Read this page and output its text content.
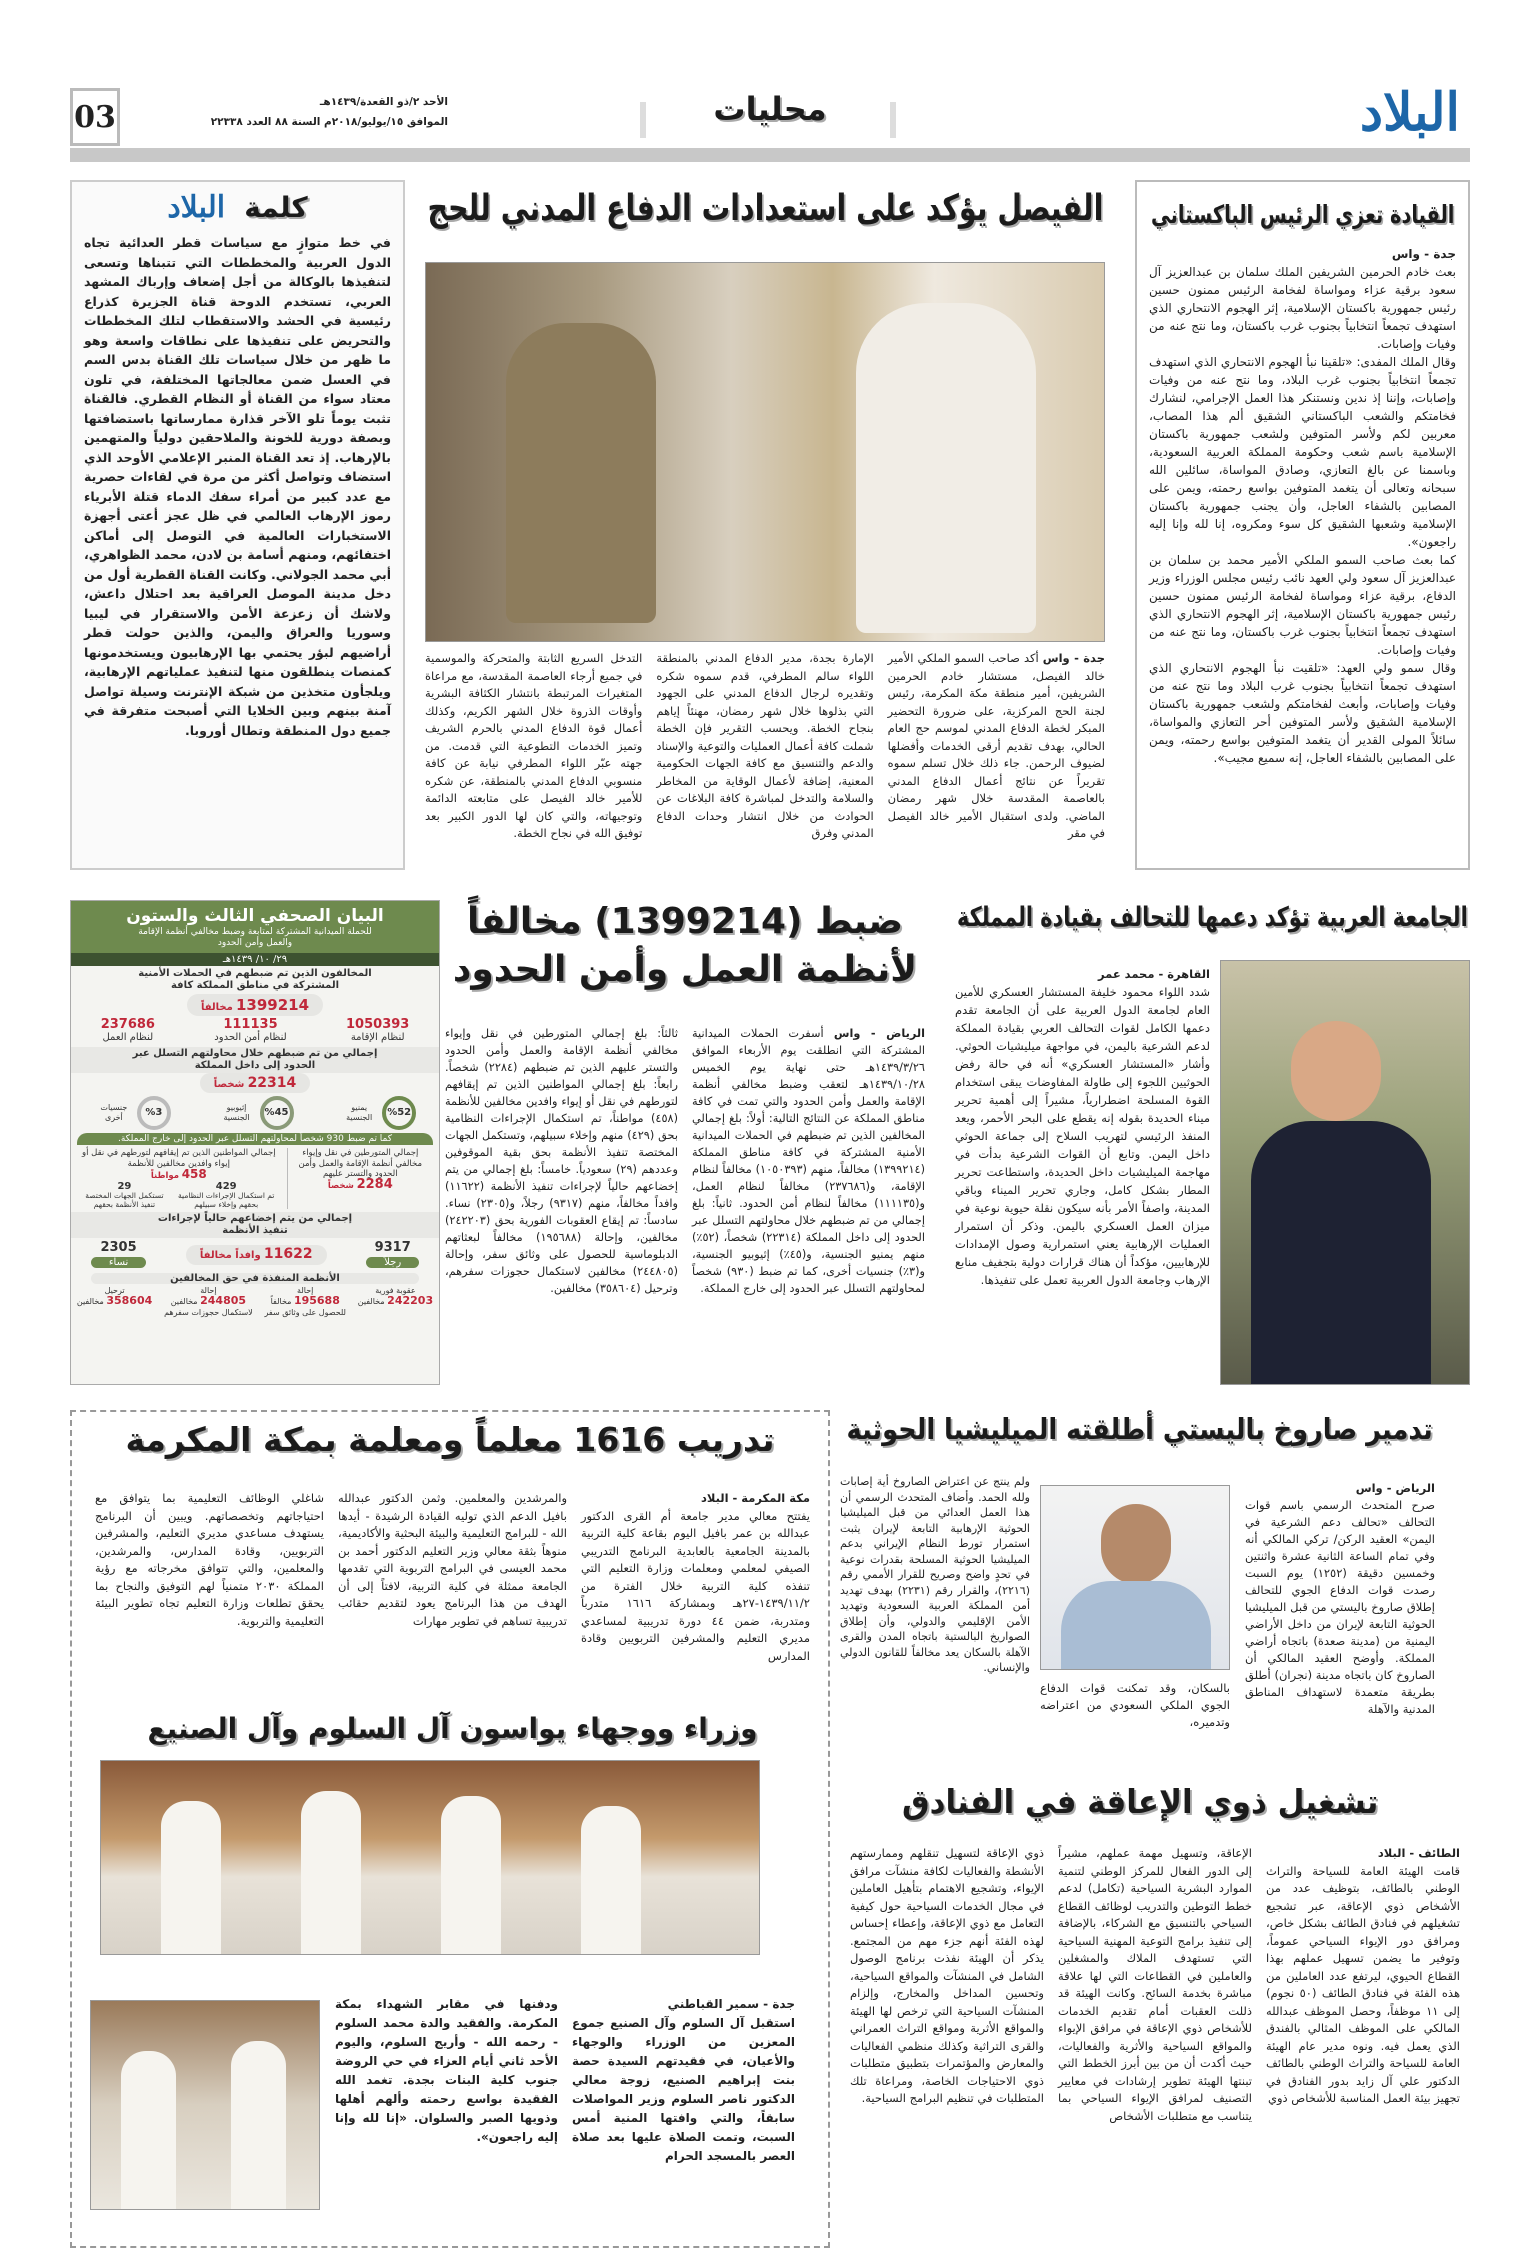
03	الأحد ٢/ذو القعدة/١٤٣٩هـ
الموافق ١٥/يوليو/٢٠١٨م السنة ٨٨ العدد ٢٢٣٣٨	محليات	البلاد
القيادة تعزي الرئيس الباكستاني
جدة - واس

بعث خادم الحرمين الشريفين الملك سلمان بن عبدالعزيز آل سعود برقية عزاء ومواساة لفخامة الرئيس ممنون حسين رئيس جمهورية باكستان الإسلامية، إثر الهجوم الانتحاري الذي استهدف تجمعاً انتخابياً بجنوب غرب باكستان، وما نتج عنه من وفيات وإصابات.

وقال الملك المفدى: «تلقينا نبأ الهجوم الانتحاري الذي استهدف تجمعاً انتخابياً بجنوب غرب البلاد، وما نتج عنه من وفيات وإصابات، وإننا إذ ندين ونستنكر هذا العمل الإجرامي، لنشارك فخامتكم والشعب الباكستاني الشقيق ألم هذا المصاب، معربين لكم ولأسر المتوفين ولشعب جمهورية باكستان الإسلامية باسم شعب وحكومة المملكة العربية السعودية، وباسمنا عن بالغ التعازي، وصادق المواساة، سائلين الله سبحانه وتعالى أن يتغمد المتوفين بواسع رحمته، ويمن على المصابين بالشفاء العاجل، وأن يجنب جمهورية باكستان الإسلامية وشعبها الشقيق كل سوء ومكروه، إنا لله وإنا إليه راجعون».

كما بعث صاحب السمو الملكي الأمير محمد بن سلمان بن عبدالعزيز آل سعود ولي العهد نائب رئيس مجلس الوزراء وزير الدفاع، برقية عزاء ومواساة لفخامة الرئيس ممنون حسين رئيس جمهورية باكستان الإسلامية، إثر الهجوم الانتحاري الذي استهدف تجمعاً انتخابياً بجنوب غرب باكستان، وما نتج عنه من وفيات وإصابات.

وقال سمو ولي العهد: «تلقيت نبأ الهجوم الانتحاري الذي استهدف تجمعاً انتخابياً بجنوب غرب البلاد وما نتج عنه من وفيات وإصابات، وأبعث لفخامتكم ولشعب جمهورية باكستان الإسلامية الشقيق ولأسر المتوفين أحر التعازي والمواساة، سائلاً المولى القدير أن يتغمد المتوفين بواسع رحمته، ويمن على المصابين بالشفاء العاجل، إنه سميع مجيب».

الفيصل يؤكد على استعدادات الدفاع المدني للحج
جدة - واس أكد صاحب السمو الملكي الأمير خالد الفيصل، مستشار خادم الحرمين الشريفين، أمير منطقة مكة المكرمة، رئيس لجنة الحج المركزية، على ضرورة التحضير المبكر لخطة الدفاع المدني لموسم حج العام الحالي، بهدف تقديم أرقى الخدمات وأفضلها لضيوف الرحمن. جاء ذلك خلال تسلم سموه تقريراً عن نتائج أعمال الدفاع المدني بالعاصمة المقدسة خلال شهر رمضان الماضي. ولدى استقبال الأمير خالد الفيصل في مقر
الإمارة بجدة، مدير الدفاع المدني بالمنطقة اللواء سالم المطرفي، قدم سموه شكره وتقديره لرجال الدفاع المدني على الجهود التي بذلوها خلال شهر رمضان، مهنئاً إياهم بنجاح الخطة. ويحسب التقرير فإن الخطة شملت كافة أعمال العمليات والتوعية والإسناد والدعم والتنسيق مع كافة الجهات الحكومية المعنية، إضافة لأعمال الوقاية من المخاطر والسلامة والتدخل لمباشرة كافة البلاغات عن الحوادث من خلال انتشار وحدات الدفاع المدني وفرق
التدخل السريع الثابتة والمتحركة والموسمية في جميع أرجاء العاصمة المقدسة، مع مراعاة المتغيرات المرتبطة بانتشار الكثافة البشرية وأوقات الذروة خلال الشهر الكريم، وكذلك أعمال قوة الدفاع المدني بالحرم الشريف وتميز الخدمات التطوعية التي قدمت. من جهته عبّر اللواء المطرفي نيابة عن كافة منسوبي الدفاع المدني بالمنطقة، عن شكره للأمير خالد الفيصل على متابعته الدائمة وتوجيهاته، والتي كان لها الدور الكبير بعد توفيق الله في نجاح الخطة.
كلمة البلاد
في خط متوازٍ مع سياسات قطر العدائية تجاه الدول العربية والمخططات التي تتبناها وتسعى لتنفيذها بالوكالة من أجل إضعاف وإرباك المشهد العربي، تستخدم الدوحة قناة الجزيرة كذراع رئيسية في الحشد والاستقطاب لتلك المخططات والتحريض على تنفيذها على نطاقات واسعة وهو ما ظهر من خلال سياسات تلك القناة بدس السم في العسل ضمن معالجاتها المختلفة، في تلون معتاد سواء من القناة أو النظام القطري. فالقناة تثبت يوماً تلو الآخر قذارة ممارساتها باستضافتها وبصفة دورية للخونة والملاحقين دولياً والمتهمين بالإرهاب. إذ تعد القناة المنبر الإعلامي الأوحد الذي استضاف وتواصل أكثر من مرة في لقاءات حصرية مع عدد كبير من أمراء سفك الدماء قتلة الأبرياء رموز الإرهاب العالمي في ظل عجز أعتى أجهزة الاستخبارات العالمية في التوصل إلى أماكن اختفائهم، ومنهم أسامة بن لادن، محمد الظواهري، أبي محمد الجولاني. وكانت القناة القطرية أول من دخل مدينة الموصل العراقية بعد احتلال داعش، ولاشك أن زعزعة الأمن والاستقرار في ليبيا وسوريا والعراق واليمن، والذين حولت قطر أراضيهم لبؤر يحتمي بها الإرهابيون ويستخدمونها كمنصات ينطلقون منها لتنفيذ عملياتهم الإرهابية، ويلجأون متخذين من شبكة الإنترنت وسيلة تواصل آمنة بينهم وبين الخلايا التي أصبحت متفرقة في جميع دول المنطقة وتطال أوروبا.
الجامعة العربية تؤكد دعمها للتحالف بقيادة المملكة
القاهرة - محمد عمر
شدد اللواء محمود خليفة المستشار العسكري للأمين العام لجامعة الدول العربية على أن الجامعة تقدم دعمها الكامل لقوات التحالف العربي بقيادة المملكة لدعم الشرعية باليمن، في مواجهة ميليشيات الحوثي. وأشار «المستشار العسكري» أنه في حالة رفض الحوثيين اللجوء إلى طاولة المفاوضات يبقى استخدام القوة المسلحة اضطرارياً، مشيراً إلى أهمية تحرير ميناء الحديدة بقوله إنه يقطع على البحر الأحمر، ويعد المنفذ الرئيسي لتهريب السلاح إلى جماعة الحوثي داخل اليمن. وتابع أن القوات الشرعية بدأت في مهاجمة الميليشيات داخل الحديدة، واستطاعت تحرير المطار بشكل كامل، وجاري تحرير الميناء وباقي المدينة، واصفاً الأمر بأنه سيكون نقلة حيوية نوعية في ميزان العمل العسكري باليمن. وذكر أن استمرار العمليات الإرهابية يعني استمرارية وصول الإمدادات للإرهابيين، مؤكداً أن هناك قرارات دولية بتجفيف منابع الإرهاب وجامعة الدول العربية تعمل على تنفيذها.
ضبط (1399214) مخالفاً
لأنظمة العمل وأمن الحدود
الرياض - واس أسفرت الحملات الميدانية المشتركة التي انطلقت يوم الأربعاء الموافق ١٤٣٩/٣/٢٦هـ حتى نهاية يوم الخميس ١٤٣٩/١٠/٢٨هـ لتعقب وضبط مخالفي أنظمة الإقامة والعمل وأمن الحدود والتي تمت في كافة مناطق المملكة عن النتائج التالية: أولاً: بلغ إجمالي المخالفين الذين تم ضبطهم في الحملات الميدانية الأمنية المشتركة في كافة مناطق المملكة (١٣٩٩٢١٤) مخالفاً، منهم (١٠٥٠٣٩٣) مخالفاً لنظام الإقامة، و(٢٣٧٦٨٦) مخالفاً لنظام العمل، و(١١١١٣٥) مخالفاً لنظام أمن الحدود. ثانياً: بلغ إجمالي من تم ضبطهم خلال محاولتهم التسلل عبر الحدود إلى داخل المملكة (٢٢٣١٤) شخصاً، (٥٢٪) منهم يمنيو الجنسية، و(٤٥٪) إثيوبيو الجنسية، و(٣٪) جنسيات أخرى، كما تم ضبط (٩٣٠) شخصاً لمحاولتهم التسلل عبر الحدود إلى خارج المملكة.
ثالثاً: بلغ إجمالي المتورطين في نقل وإيواء مخالفي أنظمة الإقامة والعمل وأمن الحدود والتستر عليهم الذين تم ضبطهم (٢٢٨٤) شخصاً. رابعاً: بلغ إجمالي المواطنين الذين تم إيقافهم لتورطهم في نقل أو إيواء وافدين مخالفين للأنظمة (٤٥٨) مواطناً، تم استكمال الإجراءات النظامية بحق (٤٢٩) منهم وإخلاء سبيلهم، وتستكمل الجهات المختصة تنفيذ الأنظمة بحق بقية الموقوفين وعددهم (٢٩) سعودياً. خامساً: بلغ إجمالي من يتم إخضاعهم حالياً لإجراءات تنفيذ الأنظمة (١١٦٢٢) وافداً مخالفاً، منهم (٩٣١٧) رجلاً، و(٢٣٠٥) نساء. سادساً: تم إيقاع العقوبات الفورية بحق (٢٤٢٢٠٣) مخالفين، وإحالة (١٩٥٦٨٨) مخالفاً لبعثاتهم الدبلوماسية للحصول على وثائق سفر، وإحالة (٢٤٤٨٠٥) مخالفين لاستكمال حجوزات سفرهم، وترحيل (٣٥٨٦٠٤) مخالفين.
البيان الصحفي الثالث والستون
للحملة الميدانية المشتركة لمتابعة وضبط مخالفي أنظمة الإقامة والعمل وأمن الحدود
٢٩/ ١٠/ ١٤٣٩هـ
المخالفون الذين تم ضبطهم في الحملات الأمنية المشتركة في مناطق المملكة كافة
1399214 مخالفاً
1050393
لنظام الإقامة
111135
لنظام أمن الحدود
237686
لنظام العمل
إجمالي من تم ضبطهم خلال محاولتهم التسلل عبر الحدود إلى داخل المملكة
22314 شخصاً
%52
يمنيو الجنسية
%45
إثيوبيو الجنسية
%3
جنسيات أخرى
كما تم ضبط 930 شخصاً لمحاولتهم التسلل عبر الحدود إلى خارج المملكة.
إجمالي المتورطين في نقل وإيواء مخالفي أنظمة الإقامة والعمل وأمن الحدود والتستر عليهم
2284 شخصاً
إجمالي المواطنين الذين تم إيقافهم لتورطهم في نقل أو إيواء وافدين مخالفين للأنظمة
458 مواطناً
429
تم استكمال الإجراءات النظامية بحقهم وإخلاء سبيلهم
29
تستكمل الجهات المختصة تنفيذ الأنظمة بحقهم
إجمالي من يتم إخضاعهم حالياً لإجراءات تنفيذ الأنظمة
9317
رجلاً
11622 وافداً مخالفاً
2305
نساء
الأنظمة المنفذة في حق المخالفين
عقوبة فورية
242203 مخالفين
إحالة
195688 مخالفاً
للحصول على وثائق سفر
إحالة
244805 مخالفين
لاستكمال حجوزات سفرهم
ترحيل
358604 مخالفين
تدمير صاروخ باليستي أطلقته الميليشيا الحوثية
الرياض - واس
صرح المتحدث الرسمي باسم قوات التحالف «تحالف دعم الشرعية في اليمن» العقيد الركن/ تركي المالكي أنه وفي تمام الساعة الثانية عشرة واثنتين وخمسين دقيقة (١٢٥٢) يوم السبت رصدت قوات الدفاع الجوي للتحالف إطلاق صاروخ باليستي من قبل الميليشيا الحوثية التابعة لإيران من داخل الأراضي اليمنية من (مدينة صعدة) باتجاه أراضي المملكة. وأوضح العقيد المالكي أن الصاروخ كان باتجاه مدينة (نجران) أطلق بطريقة متعمدة لاستهداف المناطق المدنية والآهلة
بالسكان، وقد تمكنت قوات الدفاع الجوي الملكي السعودي من اعتراضه وتدميره،
ولم ينتج عن اعتراض الصاروخ أية إصابات ولله الحمد. وأضاف المتحدث الرسمي أن هذا العمل العدائي من قبل الميليشيا الحوثية الإرهابية التابعة لإيران يثبت استمرار تورط النظام الإيراني بدعم الميليشيا الحوثية المسلحة بقدرات نوعية في تحدٍ واضح وصريح للقرار الأممي رقم (٢٢١٦)، والقرار رقم (٢٢٣١) بهدف تهديد أمن المملكة العربية السعودية وتهديد الأمن الإقليمي والدولي، وأن إطلاق الصواريخ البالستية باتجاه المدن والقرى الآهلة بالسكان يعد مخالفاً للقانون الدولي والإنساني.
تدريب 1616 معلماً ومعلمة بمكة المكرمة
مكة المكرمة - البلاد
يفتتح معالي مدير جامعة أم القرى الدكتور عبدالله بن عمر بافيل اليوم بقاعة كلية التربية بالمدينة الجامعية بالعابدية البرنامج التدريبي الصيفي لمعلمي ومعلمات وزارة التعليم التي تنفذه كلية التربية خلال الفترة من ١٤٣٩/١١/٢-٢٧هـ وبمشاركة ١٦١٦ متدرباً ومتدربة، ضمن ٤٤ دورة تدريبية لمساعدي مديري التعليم والمشرفين التربويين وقادة المدارس
والمرشدين والمعلمين. وثمن الدكتور عبدالله بافيل الدعم الذي توليه القيادة الرشيدة - أيدها الله - للبرامج التعليمية والبيئة البحثية والأكاديمية، منوهاً بثقة معالي وزير التعليم الدكتور أحمد بن محمد العيسى في البرامج التربوية التي تقدمها الجامعة ممثلة في كلية التربية، لافتاً إلى أن الهدف من هذا البرنامج يعود لتقديم حقائب تدريبية تساهم في تطوير مهارات
شاغلي الوظائف التعليمية بما يتوافق مع احتياجاتهم وتخصصاتهم. ويبين أن البرنامج يستهدف مساعدي مديري التعليم، والمشرفين التربويين، وقادة المدارس، والمرشدين، والمعلمين، والتي تتوافق مخرجاته مع رؤية المملكة ٢٠٣٠ متمنياً لهم التوفيق والنجاح بما يحقق تطلعات وزارة التعليم تجاه تطوير البيئة التعليمية والتربوية.
وزراء ووجهاء يواسون آل السلوم وآل الصنيع
جدة - سمير القباطني
استقبل آل السلوم وآل الصنيع جموع المعزين من الوزراء والوجهاء والأعيان، في فقيدتهم السيدة حصة بنت إبراهيم الصنيع، زوجة معالي الدكتور ناصر السلوم وزير المواصلات سابقاً، والتي وافتها المنية أمس السبت، وتمت الصلاة عليها بعد صلاة العصر بالمسجد الحرام
ودفنها في مقابر الشهداء بمكة المكرمة. والفقيد والدة محمد السلوم - رحمه الله - وأريج السلوم، واليوم الأحد ثاني أيام العزاء في حي الروضة جنوب كلية البنات بجدة. تغمد الله الفقيدة بواسع رحمته وألهم أهلها وذويها الصبر والسلوان. «إنا لله وإنا إليه راجعون».
تشغيل ذوي الإعاقة في الفنادق
الطائف - البلاد
قامت الهيئة العامة للسياحة والتراث الوطني بالطائف، بتوظيف عدد من الأشخاص ذوي الإعاقة، عبر تشجيع تشغيلهم في فنادق الطائف بشكل خاص، ومرافق دور الإيواء السياحي عموماً، وتوفير ما يضمن تسهيل عملهم بهذا القطاع الحيوي، ليرتفع عدد العاملين من هذه الفئة في فنادق الطائف (٥٠ نجوم) إلى ١١ موظفاً، وحصل الموظف عبدالله المالكي على الموظف المثالي بالفندق الذي يعمل فيه. ونوه مدير عام الهيئة العامة للسياحة والتراث الوطني بالطائف الدكتور علي آل زايد بدور الفنادق في تجهيز بيئة العمل المناسبة للأشخاص ذوي
الإعاقة، وتسهيل مهمة عملهم، مشيراً إلى الدور الفعال للمركز الوطني لتنمية الموارد البشرية السياحية (تكامل) لدعم خطط التوطين والتدريب لوظائف القطاع السياحي بالتنسيق مع الشركاء، بالإضافة إلى تنفيذ برامج التوعية المهنية السياحية التي تستهدف الملاك والمشغلين والعاملين في القطاعات التي لها علاقة مباشرة بخدمة السائح. وكانت الهيئة قد ذللت العقبات أمام تقديم الخدمات للأشخاص ذوي الإعاقة في مرافق الإيواء والمواقع السياحية والأثرية والفعاليات، حيث أكدت أن من بين أبرز الخطط التي تبنتها الهيئة تطوير إرشادات في معايير التصنيف لمرافق الإيواء السياحي بما يتناسب مع متطلبات الأشخاص
ذوي الإعاقة لتسهيل تنقلهم وممارستهم الأنشطة والفعاليات لكافة منشآت مرافق الإيواء، وتشجيع الاهتمام بتأهيل العاملين في مجال الخدمات السياحية حول كيفية التعامل مع ذوي الإعاقة، وإعطاء إحساس لهذه الفئة أنهم جزء مهم من المجتمع. يذكر أن الهيئة نفذت برنامج الوصول الشامل في المنشآت والمواقع السياحية، وتحسين المداخل والمخارج، وإلزام المنشآت السياحية التي ترخص لها الهيئة والمواقع الأثرية ومواقع التراث العمراني والقرى التراثية وكذلك منظمي الفعاليات والمعارض والمؤتمرات بتطبيق متطلبات ذوي الاحتياجات الخاصة، ومراعاة تلك المتطلبات في تنظيم البرامج السياحية.
